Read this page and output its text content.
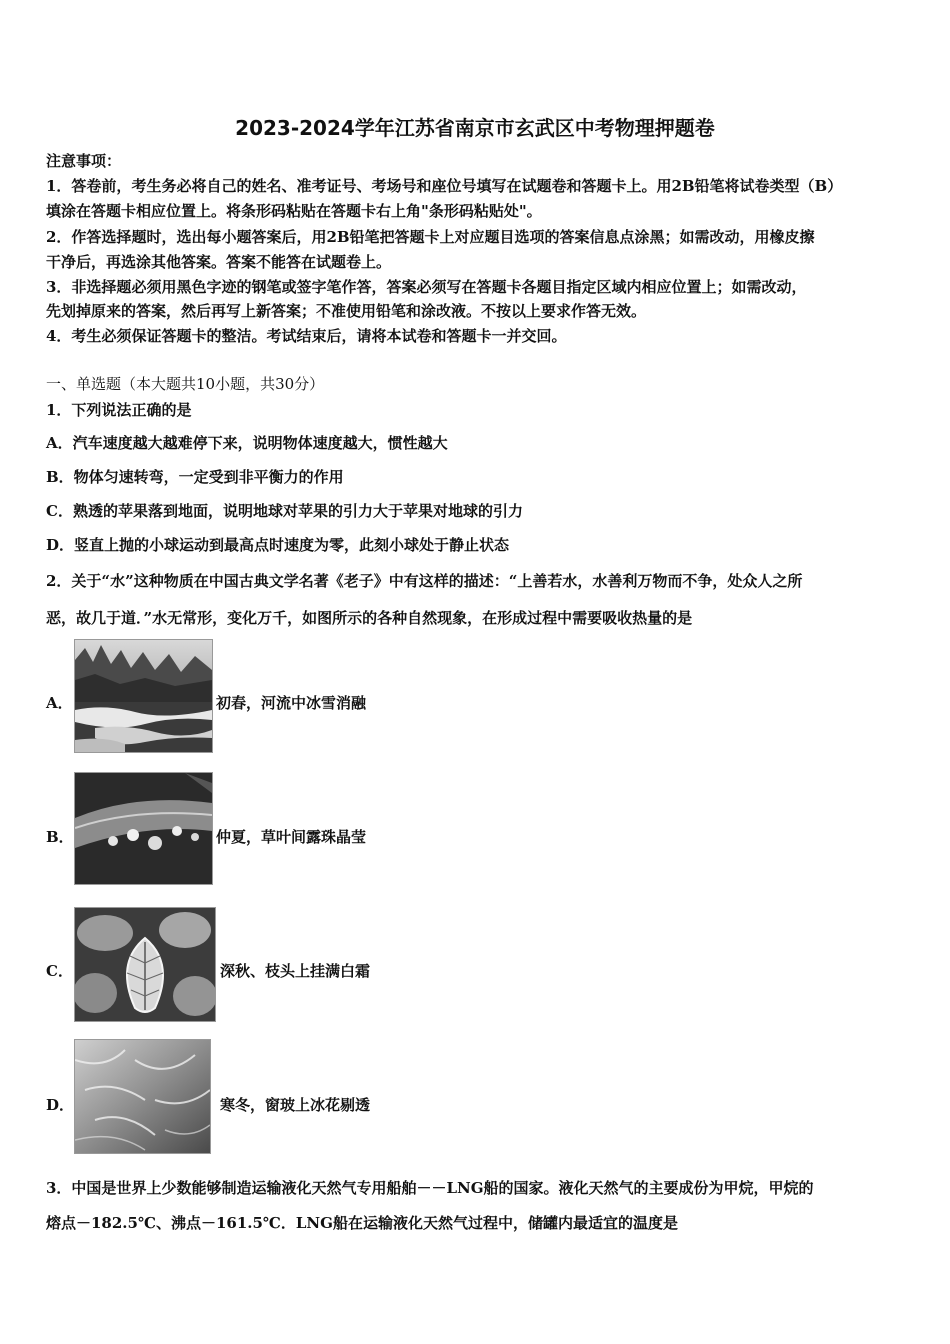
2023-2024学年江苏省南京市玄武区中考物理押题卷
注意事项：
1．答卷前，考生务必将自己的姓名、准考证号、考场号和座位号填写在试题卷和答题卡上。用2B铅笔将试卷类型（B）
填涂在答题卡相应位置上。将条形码粘贴在答题卡右上角"条形码粘贴处"。
2．作答选择题时，选出每小题答案后，用2B铅笔把答题卡上对应题目选项的答案信息点涂黑；如需改动，用橡皮擦
干净后，再选涂其他答案。答案不能答在试题卷上。
3．非选择题必须用黑色字迹的钢笔或签字笔作答，答案必须写在答题卡各题目指定区域内相应位置上；如需改动，
先划掉原来的答案，然后再写上新答案；不准使用铅笔和涂改液。不按以上要求作答无效。
4．考生必须保证答题卡的整洁。考试结束后，请将本试卷和答题卡一并交回。
一、单选题（本大题共10小题，共30分）
1．下列说法正确的是
A．汽车速度越大越难停下来，说明物体速度越大，惯性越大
B．物体匀速转弯，一定受到非平衡力的作用
C．熟透的苹果落到地面，说明地球对苹果的引力大于苹果对地球的引力
D．竖直上抛的小球运动到最高点时速度为零，此刻小球处于静止状态
2．关于“水”这种物质在中国古典文学名著《老子》中有这样的描述：“上善若水，水善利万物而不争，处众人之所
恶，故几于道．”水无常形，变化万千，如图所示的各种自然现象，在形成过程中需要吸收热量的是
A．	初春，河流中冰雪消融
B．	仲夏，草叶间露珠晶莹
C．	深秋、枝头上挂满白霜
D．	寒冬，窗玻上冰花剔透
3．中国是世界上少数能够制造运输液化天然气专用船舶－－LNG船的国家。液化天然气的主要成份为甲烷，甲烷的
熔点－182.5℃、沸点－161.5℃．LNG船在运输液化天然气过程中，储罐内最适宜的温度是
